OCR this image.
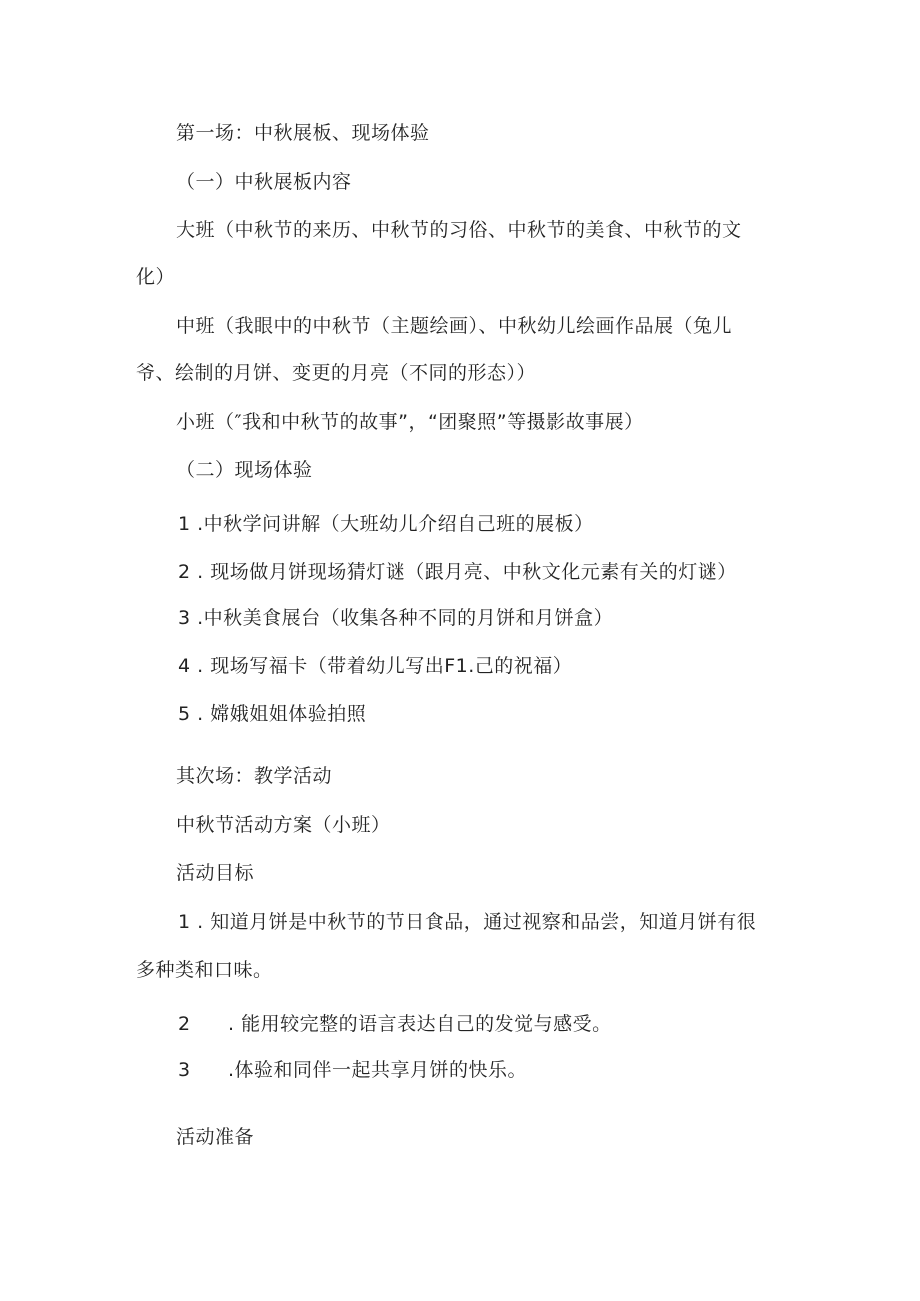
第一场：中秋展板、现场体验
（一）中秋展板内容
大班（中秋节的来历、中秋节的习俗、中秋节的美食、中秋节的文
化）
中班（我眼中的中秋节（主题绘画）、中秋幼儿绘画作品展（兔儿
爷、绘制的月饼、变更的月亮（不同的形态））
小班（″我和中秋节的故事”，“团聚照”等摄影故事展）
（二）现场体验
1 .中秋学问讲解（大班幼儿介绍自己班的展板）
2 . 现场做月饼现场猜灯谜（跟月亮、中秋文化元素有关的灯谜）
3 .中秋美食展台（收集各种不同的月饼和月饼盒）
4 . 现场写福卡（带着幼儿写出F1.己的祝福）
5 . 嫦娥姐姐体验拍照
其次场：教学活动
中秋节活动方案（小班）
活动目标
1 . 知道月饼是中秋节的节日食品，通过视察和品尝，知道月饼有很
多种类和口味。
2 . 能用较完整的语言表达自己的发觉与感受。
3 .体验和同伴一起共享月饼的快乐。
活动准备
